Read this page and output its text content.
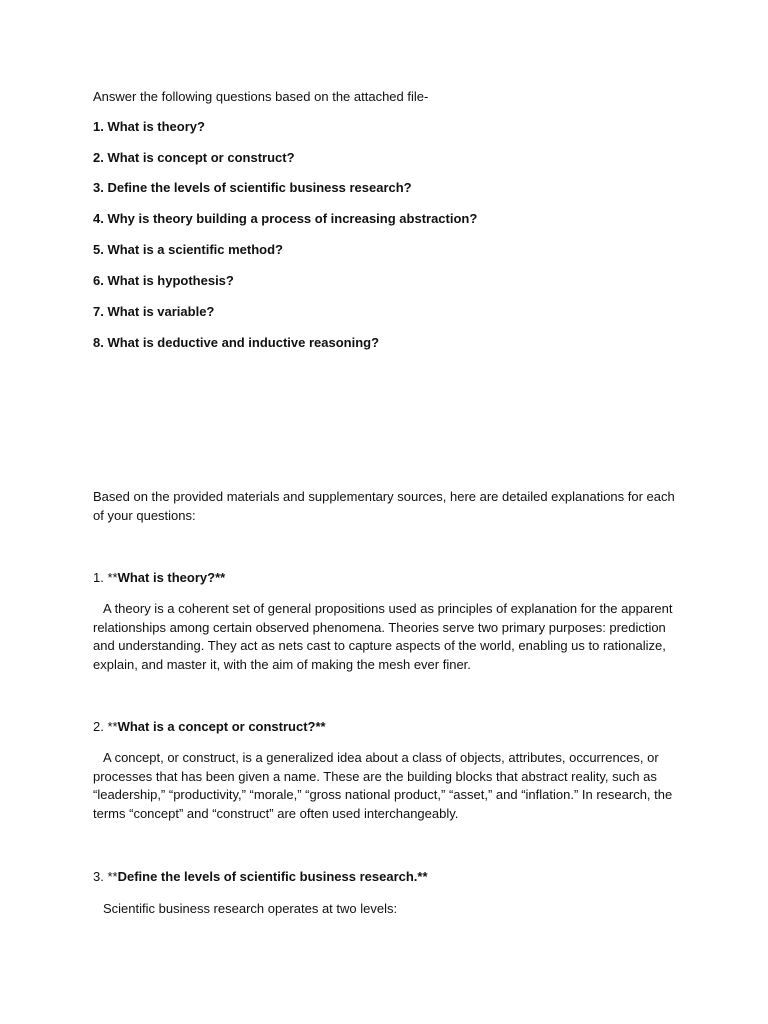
Answer the following questions based on the attached file-
1. What is theory?
2. What is concept or construct?
3. Define the levels of scientific business research?
4. Why is theory building a process of increasing abstraction?
5. What is a scientific method?
6. What is hypothesis?
7. What is variable?
8. What is deductive and inductive reasoning?
Based on the provided materials and supplementary sources, here are detailed explanations for each of your questions:
1. **What is theory?**
A theory is a coherent set of general propositions used as principles of explanation for the apparent relationships among certain observed phenomena. Theories serve two primary purposes: prediction and understanding. They act as nets cast to capture aspects of the world, enabling us to rationalize, explain, and master it, with the aim of making the mesh ever finer.
2. **What is a concept or construct?**
A concept, or construct, is a generalized idea about a class of objects, attributes, occurrences, or processes that has been given a name. These are the building blocks that abstract reality, such as “leadership,” “productivity,” “morale,” “gross national product,” “asset,” and “inflation.” In research, the terms “concept” and “construct” are often used interchangeably.
3. **Define the levels of scientific business research.**
Scientific business research operates at two levels:
